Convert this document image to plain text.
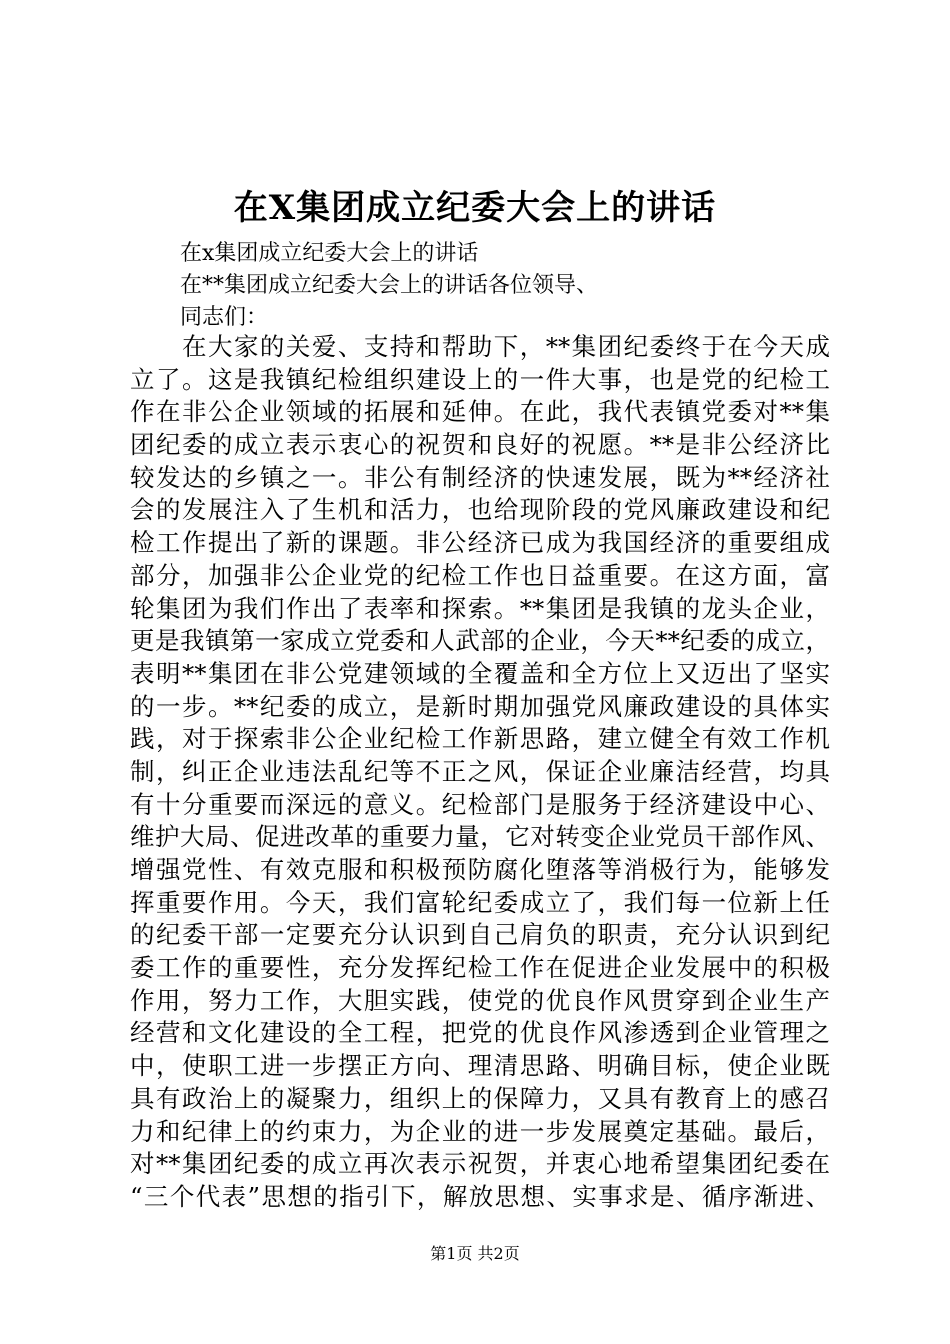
在X集团成立纪委大会上的讲话
在x集团成立纪委大会上的讲话
在**集团成立纪委大会上的讲话各位领导、
同志们：
在大家的关爱、支持和帮助下，**集团纪委终于在今天成
立了。这是我镇纪检组织建设上的一件大事，也是党的纪检工
作在非公企业领域的拓展和延伸。在此，我代表镇党委对**集
团纪委的成立表示衷心的祝贺和良好的祝愿。**是非公经济比
较发达的乡镇之一。非公有制经济的快速发展，既为**经济社
会的发展注入了生机和活力，也给现阶段的党风廉政建设和纪
检工作提出了新的课题。非公经济已成为我国经济的重要组成
部分，加强非公企业党的纪检工作也日益重要。在这方面，富
轮集团为我们作出了表率和探索。**集团是我镇的龙头企业，
更是我镇第一家成立党委和人武部的企业，今天**纪委的成立，
表明**集团在非公党建领域的全覆盖和全方位上又迈出了坚实
的一步。**纪委的成立，是新时期加强党风廉政建设的具体实
践，对于探索非公企业纪检工作新思路，建立健全有效工作机
制，纠正企业违法乱纪等不正之风，保证企业廉洁经营，均具
有十分重要而深远的意义。纪检部门是服务于经济建设中心、
维护大局、促进改革的重要力量，它对转变企业党员干部作风、
增强党性、有效克服和积极预防腐化堕落等消极行为，能够发
挥重要作用。今天，我们富轮纪委成立了，我们每一位新上任
的纪委干部一定要充分认识到自己肩负的职责，充分认识到纪
委工作的重要性，充分发挥纪检工作在促进企业发展中的积极
作用，努力工作，大胆实践，使党的优良作风贯穿到企业生产
经营和文化建设的全工程，把党的优良作风渗透到企业管理之
中，使职工进一步摆正方向、理清思路、明确目标，使企业既
具有政治上的凝聚力，组织上的保障力，又具有教育上的感召
力和纪律上的约束力，为企业的进一步发展奠定基础。最后，
对**集团纪委的成立再次表示祝贺，并衷心地希望集团纪委在
“三个代表”思想的指引下，解放思想、实事求是、循序渐进、
第1页 共2页
